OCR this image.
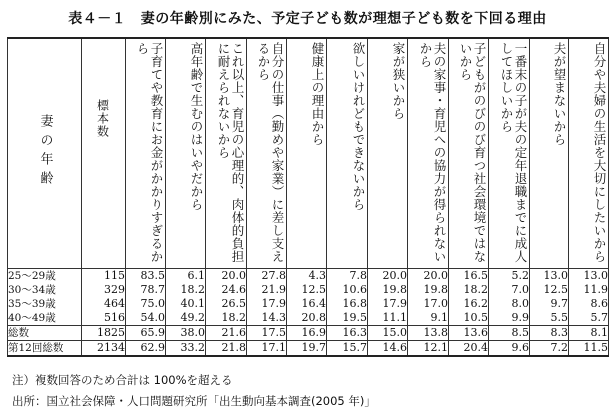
表４－１　妻の年齢別にみた、予定子ども数が理想子ども数を下回る理由
妻の年齢	標本数	子育てや教育にお金がかかりすぎるから	高年齢で生むのはいやだから	これ以上、育児の心理的、肉体的負担に耐えられないから	自分の仕事（勤めや家業）に差し支えるから	健康上の理由から	欲しいけれどもできないから	家が狭いから	夫の家事・育児への協力が得られないから	子どもがのびのび育つ社会環境ではないから	一番末の子が夫の定年退職までに成人してほしいから	夫が望まないから	自分や夫婦の生活を大切にしたいから
25～29歳	115	83.5	6.1	20.0	27.8	4.3	7.8	20.0	20.0	16.5	5.2	13.0	13.0
30～34歳	329	78.7	18.2	24.6	21.9	12.5	10.6	19.8	19.8	18.2	7.0	12.5	11.9
35～39歳	464	75.0	40.1	26.5	17.9	16.4	16.8	17.9	17.0	16.2	8.0	9.7	8.6
40～49歳	516	54.0	49.2	18.2	14.3	20.8	19.5	11.1	9.1	10.5	9.9	5.5	5.7
総数	1825	65.9	38.0	21.6	17.5	16.9	16.3	15.0	13.8	13.6	8.5	8.3	8.1
第12回総数	2134	62.9	33.2	21.8	17.1	19.7	15.7	14.6	12.1	20.4	9.6	7.2	11.5
注）複数回答のため合計は 100%を超える
出所：国立社会保障・人口問題研究所「出生動向基本調査(2005 年)」
